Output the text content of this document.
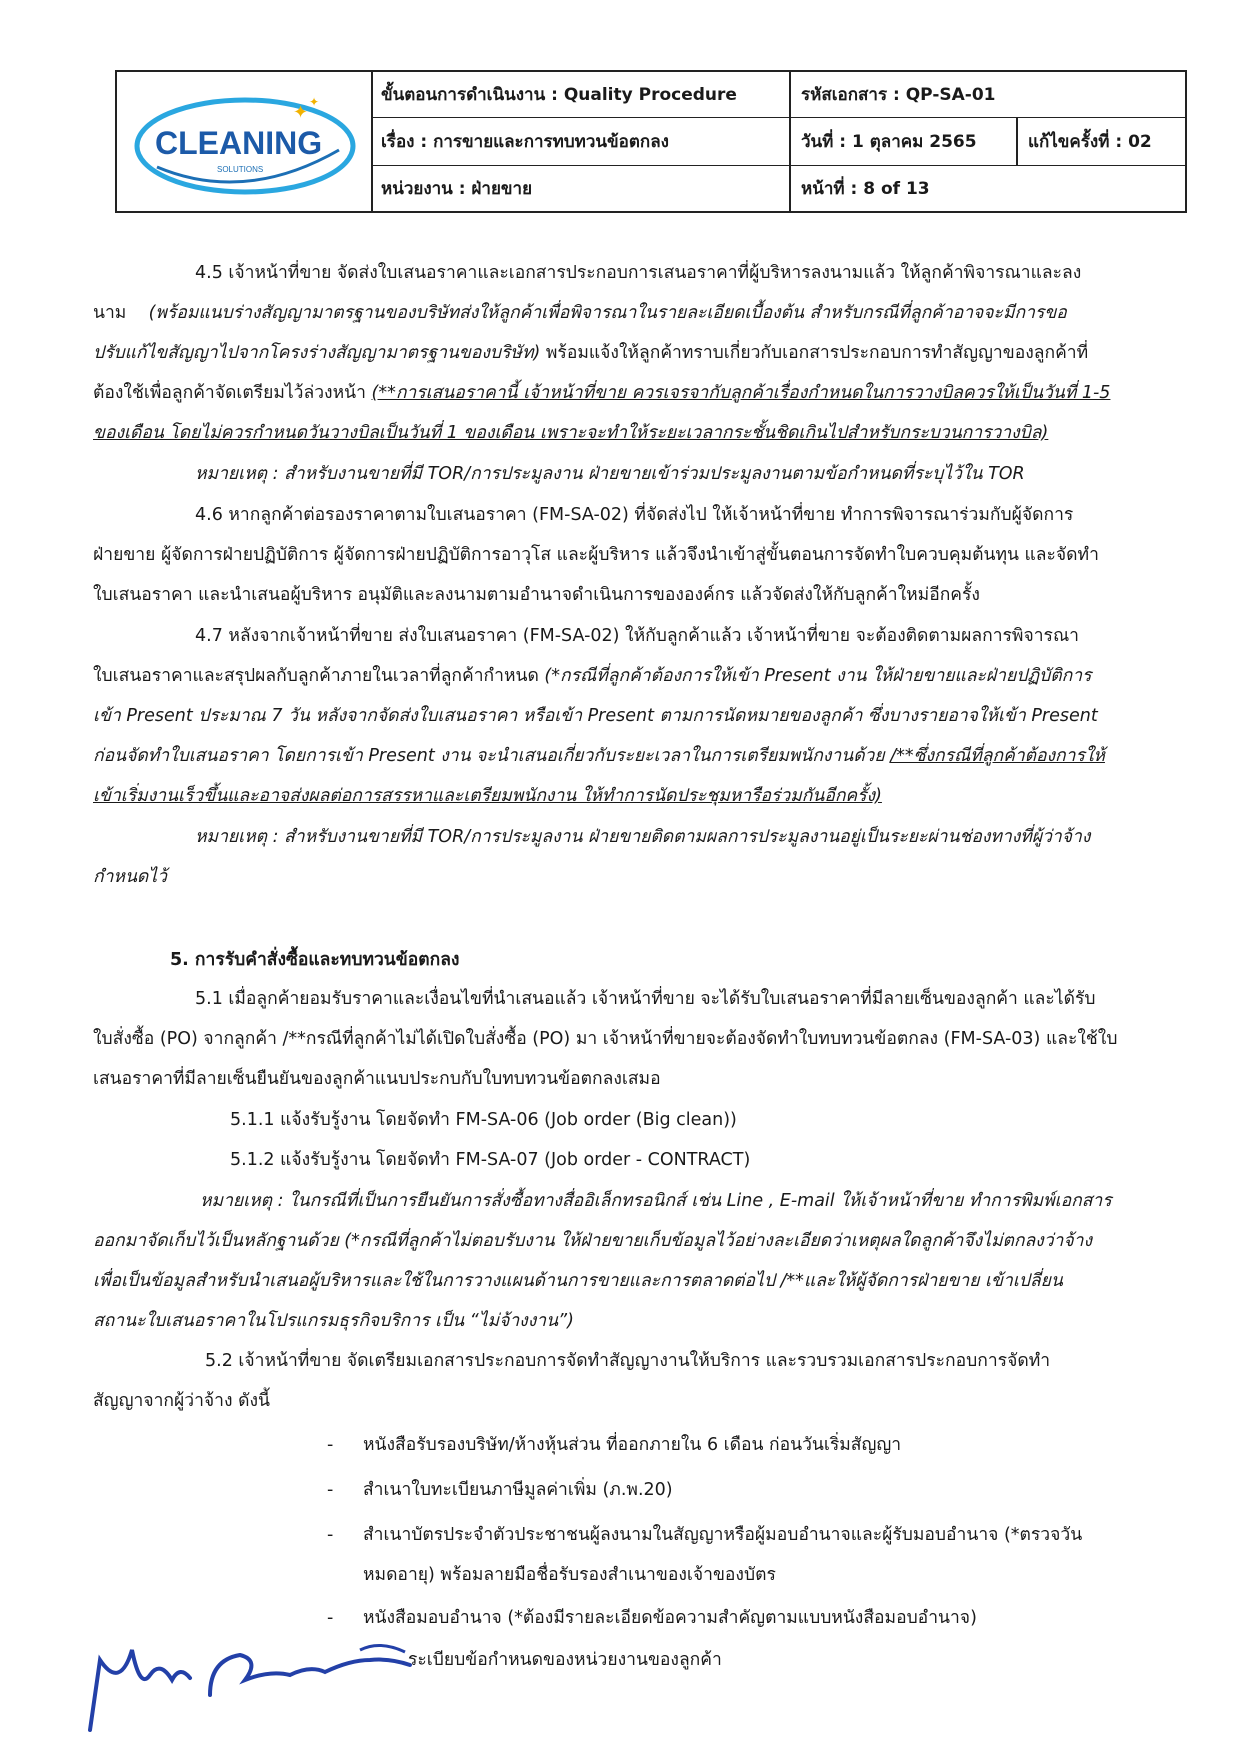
CLEANING
SOLUTIONS
✦ ✦	ขั้นตอนการดำเนินงาน : Quality Procedure	รหัสเอกสาร : QP-SA-01
เรื่อง : การขายและการทบทวนข้อตกลง	วันที่ : 1 ตุลาคม 2565	แก้ไขครั้งที่ : 02
หน่วยงาน : ฝ่ายขาย	หน้าที่ : 8 of 13
4.5 เจ้าหน้าที่ขาย จัดส่งใบเสนอราคาและเอกสารประกอบการเสนอราคาที่ผู้บริหารลงนามแล้ว ให้ลูกค้าพิจารณาและลง
นาม (พร้อมแนบร่างสัญญามาตรฐานของบริษัทส่งให้ลูกค้าเพื่อพิจารณาในรายละเอียดเบื้องต้น สำหรับกรณีที่ลูกค้าอาจจะมีการขอ
ปรับแก้ไขสัญญาไปจากโครงร่างสัญญามาตรฐานของบริษัท) พร้อมแจ้งให้ลูกค้าทราบเกี่ยวกับเอกสารประกอบการทำสัญญาของลูกค้าที่
ต้องใช้เพื่อลูกค้าจัดเตรียมไว้ล่วงหน้า (**การเสนอราคานี้ เจ้าหน้าที่ขาย ควรเจรจากับลูกค้าเรื่องกำหนดในการวางบิลควรให้เป็นวันที่ 1-5
ของเดือน โดยไม่ควรกำหนดวันวางบิลเป็นวันที่ 1 ของเดือน เพราะจะทำให้ระยะเวลากระชั้นชิดเกินไปสำหรับกระบวนการวางบิล)
หมายเหตุ : สำหรับงานขายที่มี TOR/การประมูลงาน ฝ่ายขายเข้าร่วมประมูลงานตามข้อกำหนดที่ระบุไว้ใน TOR
4.6 หากลูกค้าต่อรองราคาตามใบเสนอราคา (FM-SA-02) ที่จัดส่งไป ให้เจ้าหน้าที่ขาย ทำการพิจารณาร่วมกับผู้จัดการ
ฝ่ายขาย ผู้จัดการฝ่ายปฏิบัติการ ผู้จัดการฝ่ายปฏิบัติการอาวุโส และผู้บริหาร แล้วจึงนำเข้าสู่ขั้นตอนการจัดทำใบควบคุมต้นทุน และจัดทำ
ใบเสนอราคา และนำเสนอผู้บริหาร อนุมัติและลงนามตามอำนาจดำเนินการขององค์กร แล้วจัดส่งให้กับลูกค้าใหม่อีกครั้ง
4.7 หลังจากเจ้าหน้าที่ขาย ส่งใบเสนอราคา (FM-SA-02) ให้กับลูกค้าแล้ว เจ้าหน้าที่ขาย จะต้องติดตามผลการพิจารณา
ใบเสนอราคาและสรุปผลกับลูกค้าภายในเวลาที่ลูกค้ากำหนด (*กรณีที่ลูกค้าต้องการให้เข้า Present งาน ให้ฝ่ายขายและฝ่ายปฏิบัติการ
เข้า Present ประมาณ 7 วัน หลังจากจัดส่งใบเสนอราคา หรือเข้า Present ตามการนัดหมายของลูกค้า ซึ่งบางรายอาจให้เข้า Present
ก่อนจัดทำใบเสนอราคา โดยการเข้า Present งาน จะนำเสนอเกี่ยวกับระยะเวลาในการเตรียมพนักงานด้วย /**ซึ่งกรณีที่ลูกค้าต้องการให้
เข้าเริ่มงานเร็วขึ้นและอาจส่งผลต่อการสรรหาและเตรียมพนักงาน ให้ทำการนัดประชุมหารือร่วมกันอีกครั้ง)
หมายเหตุ : สำหรับงานขายที่มี TOR/การประมูลงาน ฝ่ายขายติดตามผลการประมูลงานอยู่เป็นระยะผ่านช่องทางที่ผู้ว่าจ้าง
กำหนดไว้
5. การรับคำสั่งซื้อและทบทวนข้อตกลง
5.1 เมื่อลูกค้ายอมรับราคาและเงื่อนไขที่นำเสนอแล้ว เจ้าหน้าที่ขาย จะได้รับใบเสนอราคาที่มีลายเซ็นของลูกค้า และได้รับ
ใบสั่งซื้อ (PO) จากลูกค้า /**กรณีที่ลูกค้าไม่ได้เปิดใบสั่งซื้อ (PO) มา เจ้าหน้าที่ขายจะต้องจัดทำใบทบทวนข้อตกลง (FM-SA-03) และใช้ใบ
เสนอราคาที่มีลายเซ็นยืนยันของลูกค้าแนบประกบกับใบทบทวนข้อตกลงเสมอ
5.1.1 แจ้งรับรู้งาน โดยจัดทำ FM-SA-06 (Job order (Big clean))
5.1.2 แจ้งรับรู้งาน โดยจัดทำ FM-SA-07 (Job order - CONTRACT)
หมายเหตุ : ในกรณีที่เป็นการยืนยันการสั่งซื้อทางสื่ออิเล็กทรอนิกส์ เช่น Line , E-mail ให้เจ้าหน้าที่ขาย ทำการพิมพ์เอกสาร
ออกมาจัดเก็บไว้เป็นหลักฐานด้วย (*กรณีที่ลูกค้าไม่ตอบรับงาน ให้ฝ่ายขายเก็บข้อมูลไว้อย่างละเอียดว่าเหตุผลใดลูกค้าจึงไม่ตกลงว่าจ้าง
เพื่อเป็นข้อมูลสำหรับนำเสนอผู้บริหารและใช้ในการวางแผนด้านการขายและการตลาดต่อไป /**และให้ผู้จัดการฝ่ายขาย เข้าเปลี่ยน
สถานะใบเสนอราคาในโปรแกรมธุรกิจบริการ เป็น “ไม่จ้างงาน”)
5.2 เจ้าหน้าที่ขาย จัดเตรียมเอกสารประกอบการจัดทำสัญญางานให้บริการ และรวบรวมเอกสารประกอบการจัดทำ
สัญญาจากผู้ว่าจ้าง ดังนี้
- หนังสือรับรองบริษัท/ห้างหุ้นส่วน ที่ออกภายใน 6 เดือน ก่อนวันเริ่มสัญญา
- สำเนาใบทะเบียนภาษีมูลค่าเพิ่ม (ภ.พ.20)
- สำเนาบัตรประจำตัวประชาชนผู้ลงนามในสัญญาหรือผู้มอบอำนาจและผู้รับมอบอำนาจ (*ตรวจวัน
หมดอายุ) พร้อมลายมือชื่อรับรองสำเนาของเจ้าของบัตร
- หนังสือมอบอำนาจ (*ต้องมีรายละเอียดข้อความสำคัญตามแบบหนังสือมอบอำนาจ)
ระเบียบข้อกำหนดของหน่วยงานของลูกค้า
